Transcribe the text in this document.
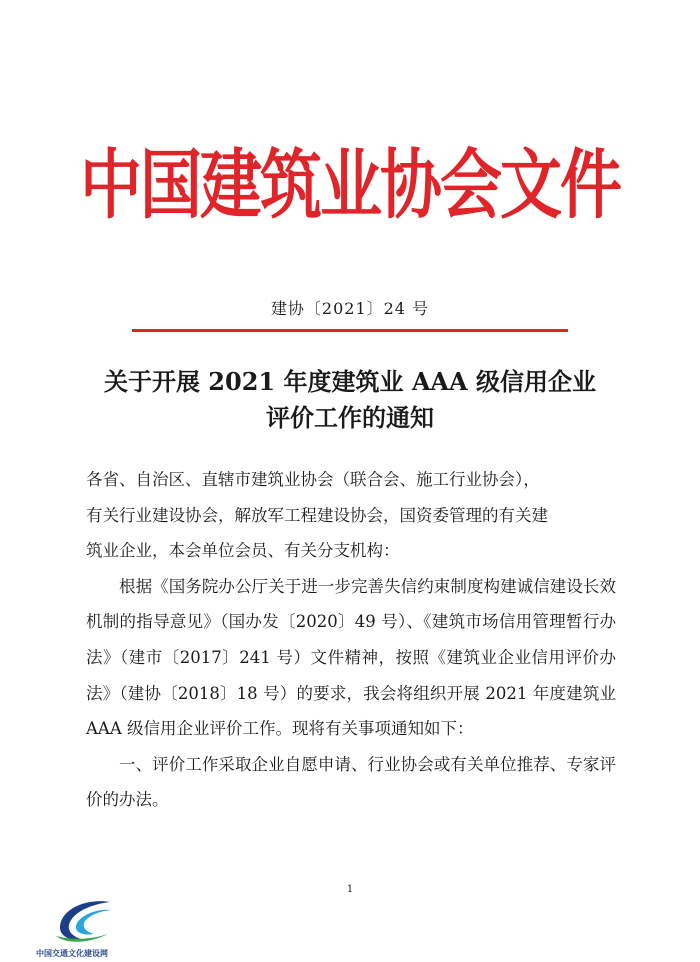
中国建筑业协会文件
建协〔2021〕24 号
关于开展 2021 年度建筑业 AAA 级信用企业
评价工作的通知

各省、自治区、直辖市建筑业协会（联合会、施工行业协会），

有关行业建设协会，解放军工程建设协会，国资委管理的有关建

筑业企业，本会单位会员、有关分支机构：

根据《国务院办公厅关于进一步完善失信约束制度构建诚信建设长效机制的指导意见》（国办发〔2020〕49 号）、《建筑市场信用管理暂行办法》（建市〔2017〕241 号）文件精神，按照《建筑业企业信用评价办法》（建协〔2018〕18 号）的要求，我会将组织开展 2021 年度建筑业 AAA 级信用企业评价工作。现将有关事项通知如下：

一、评价工作采取企业自愿申请、行业协会或有关单位推荐、专家评价的办法。

1
中国交通文化建设网
